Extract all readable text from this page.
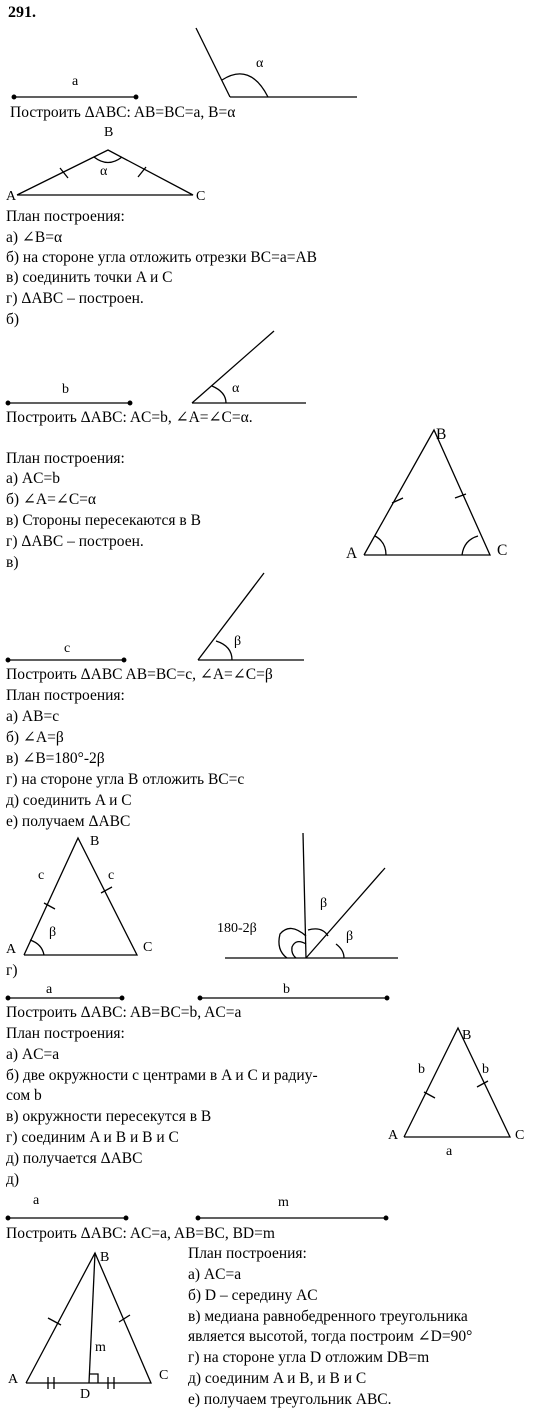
291.
a
α
Построить ΔABC: AB=BC=a, B=α
B
α
A	C
План построения:
а) ∠B=α
б) на стороне угла отложить отрезки BC=a=AB
в) соединить точки A и C
г) ΔABC – построен.
б)
b	α
Построить ΔABC: AC=b, ∠A=∠C=α.
План построения:
а) AC=b
б) ∠A=∠C=α
в) Стороны пересекаются в B
г) ΔABC – построен.
в)
B
A	C
c	β
Построить ΔABC AB=BC=c, ∠A=∠C=β
План построения:
а) AB=c
б) ∠A=β
в) ∠B=180°-2β
г) на стороне угла B отложить BC=c
д) соединить A и C
е) получаем ΔABC
B
c	c
β
A	C
180-2β
β
β
г)
a	b
Построить ΔABC: AB=BC=b, AC=a
План построения:
а) AC=a
б) две окружности с центрами в A и C и радиу-
сом b
в) окружности пересекутся в B
г) соединим A и B и B и C
д) получается ΔABC
д)
B
b	b
A	C
a
a	m
Построить ΔABC: AC=a, AB=BC, BD=m
План построения:
а) AC=a
б) D – середину AC
в) медиана равнобедренного треугольника
является высотой, тогда построим ∠D=90°
г) на стороне угла D отложим DB=m
д) соединим A и B, и B и C
е) получаем треугольник ABC.
B
m
A	C
D
